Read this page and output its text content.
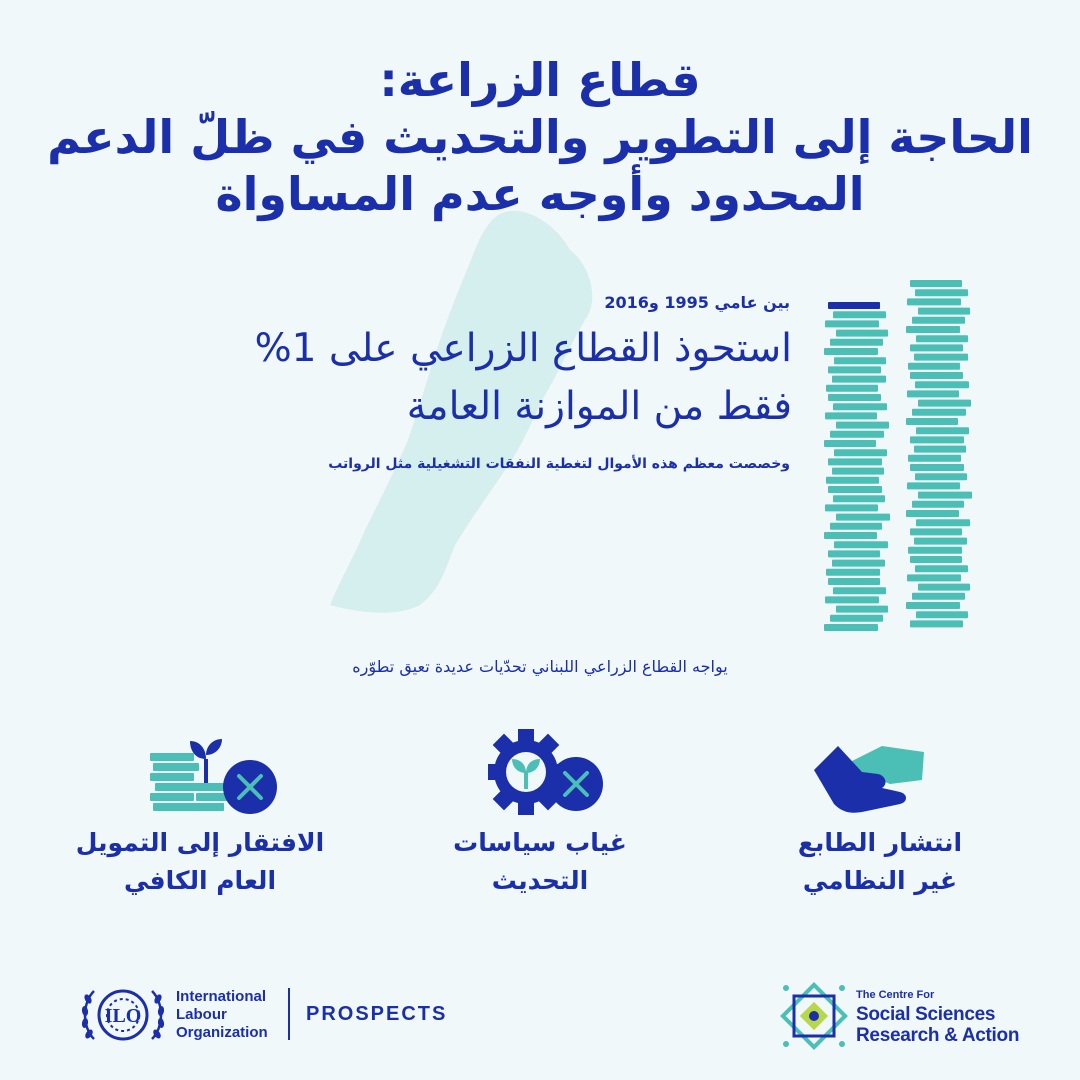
قطاع الزراعة:
الحاجة إلى التطوير والتحديث في ظلّ الدعم
المحدود وأوجه عدم المساواة
بين عامي 1995 و2016
استحوذ القطاع الزراعي على 1%
فقط من الموازنة العامة
وخصصت معظم هذه الأموال لتغطية النفقات التشغيلية مثل الرواتب
يواجه القطاع الزراعي اللبناني تحدّيات عديدة تعيق تطوّره
الافتقار إلى التمويل
العام الكافي
غياب سياسات
التحديث
انتشار الطابع
غير النظامي
ILO
International
Labour
Organization
PROSPECTS
The Centre For
Social Sciences
Research & Action
